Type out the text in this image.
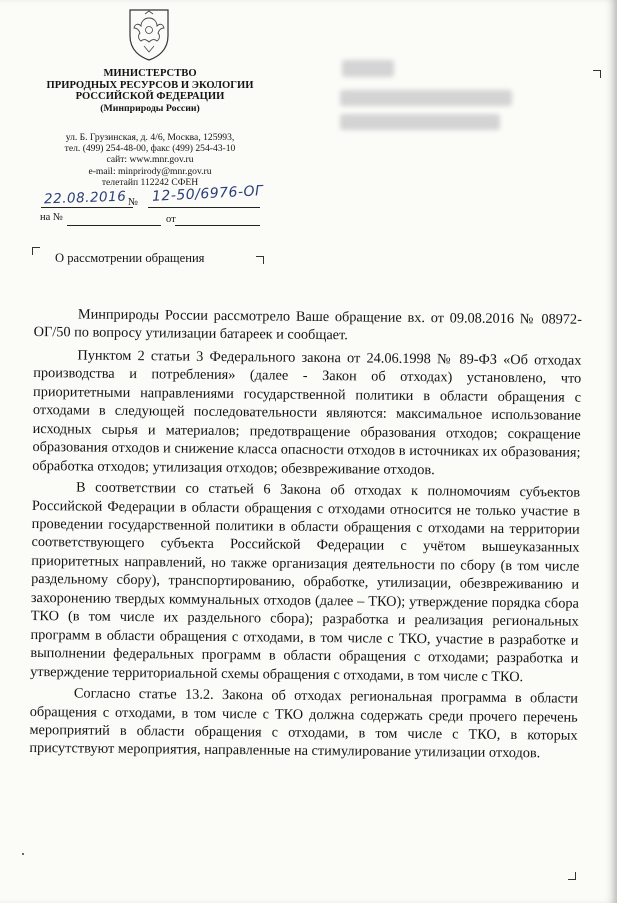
МИНИСТЕРСТВО
ПРИРОДНЫХ РЕСУРСОВ И ЭКОЛОГИИ
РОССИЙСКОЙ ФЕДЕРАЦИИ
(Минприроды России)
ул. Б. Грузинская, д. 4/6, Москва, 125993,
тел. (499) 254-48-00, факс (499) 254-43-10
сайт: www.mnr.gov.ru
e-mail: minprirody@mnr.gov.ru
телетайп 112242 СФЕН
22.08.2016 № 12-50/6976-ОГ
на №	от
О рассмотрении обращения

Минприроды России рассмотрело Ваше обращение вх. от 09.08.2016 № 08972-ОГ/50 по вопросу утилизации батареек и сообщает.

Пунктом 2 статьи 3 Федерального закона от 24.06.1998 № 89-ФЗ «Об отходах производства и потребления» (далее - Закон об отходах) установлено, что приоритетными направлениями государственной политики в области обращения с отходами в следующей последовательности являются: максимальное использование исходных сырья и материалов; предотвращение образования отходов; сокращение образования отходов и снижение класса опасности отходов в источниках их образования; обработка отходов; утилизация отходов; обезвреживание отходов.

В соответствии со статьей 6 Закона об отходах к полномочиям субъектов Российской Федерации в области обращения с отходами относится не только участие в проведении государственной политики в области обращения с отходами на территории соответствующего субъекта Российской Федерации с учётом вышеуказанных приоритетных направлений, но также организация деятельности по сбору (в том числе раздельному сбору), транспортированию, обработке, утилизации, обезвреживанию и захоронению твердых коммунальных отходов (далее – ТКО); утверждение порядка сбора ТКО (в том числе их раздельного сбора); разработка и реализация региональных программ в области обращения с отходами, в том числе с ТКО, участие в разработке и выполнении федеральных программ в области обращения с отходами; разработка и утверждение территориальной схемы обращения с отходами, в том числе с ТКО.

Согласно статье 13.2. Закона об отходах региональная программа в области обращения с отходами, в том числе с ТКО должна содержать среди прочего перечень мероприятий в области обращения с отходами, в том числе с ТКО, в которых присутствуют мероприятия, направленные на стимулирование утилизации отходов.
